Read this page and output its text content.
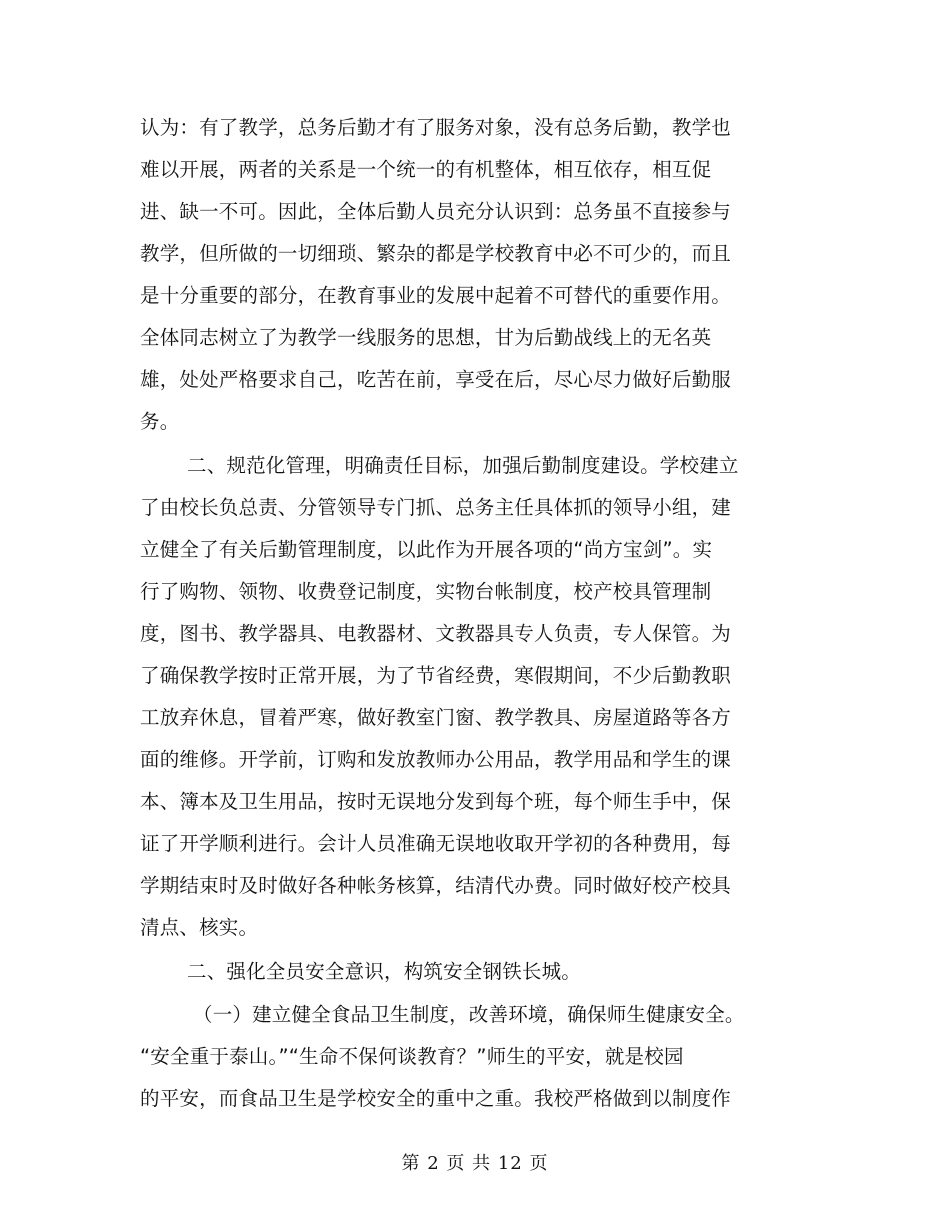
认为：有了教学，总务后勤才有了服务对象，没有总务后勤，教学也
难以开展，两者的关系是一个统一的有机整体，相互依存，相互促
进、缺一不可。因此，全体后勤人员充分认识到：总务虽不直接参与
教学，但所做的一切细琐、繁杂的都是学校教育中必不可少的，而且
是十分重要的部分，在教育事业的发展中起着不可替代的重要作用。
全体同志树立了为教学一线服务的思想，甘为后勤战线上的无名英
雄，处处严格要求自己，吃苦在前，享受在后，尽心尽力做好后勤服
务。
二、规范化管理，明确责任目标，加强后勤制度建设。学校建立
了由校长负总责、分管领导专门抓、总务主任具体抓的领导小组，建
立健全了有关后勤管理制度，以此作为开展各项的“尚方宝剑”。实
行了购物、领物、收费登记制度，实物台帐制度，校产校具管理制
度，图书、教学器具、电教器材、文教器具专人负责，专人保管。为
了确保教学按时正常开展，为了节省经费，寒假期间，不少后勤教职
工放弃休息，冒着严寒，做好教室门窗、教学教具、房屋道路等各方
面的维修。开学前，订购和发放教师办公用品，教学用品和学生的课
本、簿本及卫生用品，按时无误地分发到每个班，每个师生手中，保
证了开学顺利进行。会计人员准确无误地收取开学初的各种费用，每
学期结束时及时做好各种帐务核算，结清代办费。同时做好校产校具
清点、核实。
二、强化全员安全意识，构筑安全钢铁长城。
（一）建立健全食品卫生制度，改善环境，确保师生健康安全。
“安全重于泰山。”“生命不保何谈教育？”师生的平安，就是校园
的平安，而食品卫生是学校安全的重中之重。我校严格做到以制度作
第 2 页 共 12 页
